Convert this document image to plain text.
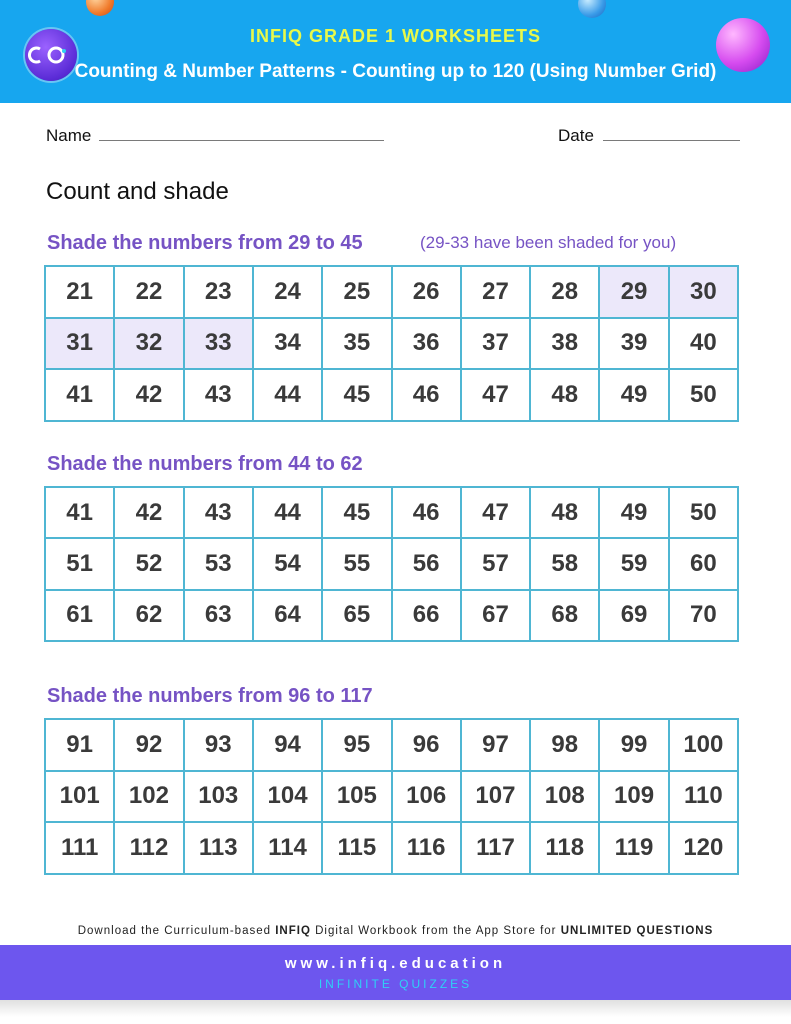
INFIQ GRADE 1 WORKSHEETS
Counting & Number Patterns - Counting up to 120 (Using Number Grid)
Name	Date
Count and shade
Shade the numbers from 29 to 45	(29-33 have been shaded for you)
21	22	23	24	25	26	27	28	29	30
31	32	33	34	35	36	37	38	39	40
41	42	43	44	45	46	47	48	49	50
Shade the numbers from 44 to 62
41	42	43	44	45	46	47	48	49	50
51	52	53	54	55	56	57	58	59	60
61	62	63	64	65	66	67	68	69	70
Shade the numbers from 96 to 117
91	92	93	94	95	96	97	98	99	100
101	102	103	104	105	106	107	108	109	110
111	112	113	114	115	116	117	118	119	120
Download the Curriculum-based INFIQ Digital Workbook from the App Store for UNLIMITED QUESTIONS
www.infiq.education
INFINITE QUIZZES
